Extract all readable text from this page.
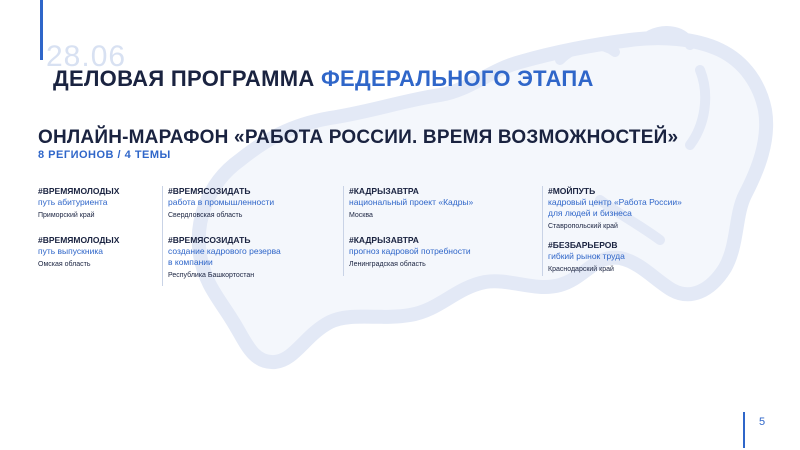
28.06
ДЕЛОВАЯ ПРОГРАММА ФЕДЕРАЛЬНОГО ЭТАПА
ОНЛАЙН-МАРАФОН «РАБОТА РОССИИ. ВРЕМЯ ВОЗМОЖНОСТЕЙ»
8 РЕГИОНОВ / 4 ТЕМЫ
#ВРЕМЯМОЛОДЫХ
путь абитуриента
Приморский край
#ВРЕМЯМОЛОДЫХ
путь выпускника
Омская область
#ВРЕМЯСОЗИДАТЬ
работа в промышленности
Свердловская область
#ВРЕМЯСОЗИДАТЬ
создание кадрового резерва
в компании
Республика Башкортостан
#КАДРЫЗАВТРА
национальный проект «Кадры»
Москва
#КАДРЫЗАВТРА
прогноз кадровой потребности
Ленинградская область
#МОЙПУТЬ
кадровый центр «Работа России»
для людей и бизнеса
Ставропольский край
#БЕЗБАРЬЕРОВ
гибкий рынок труда
Краснодарский край
5
